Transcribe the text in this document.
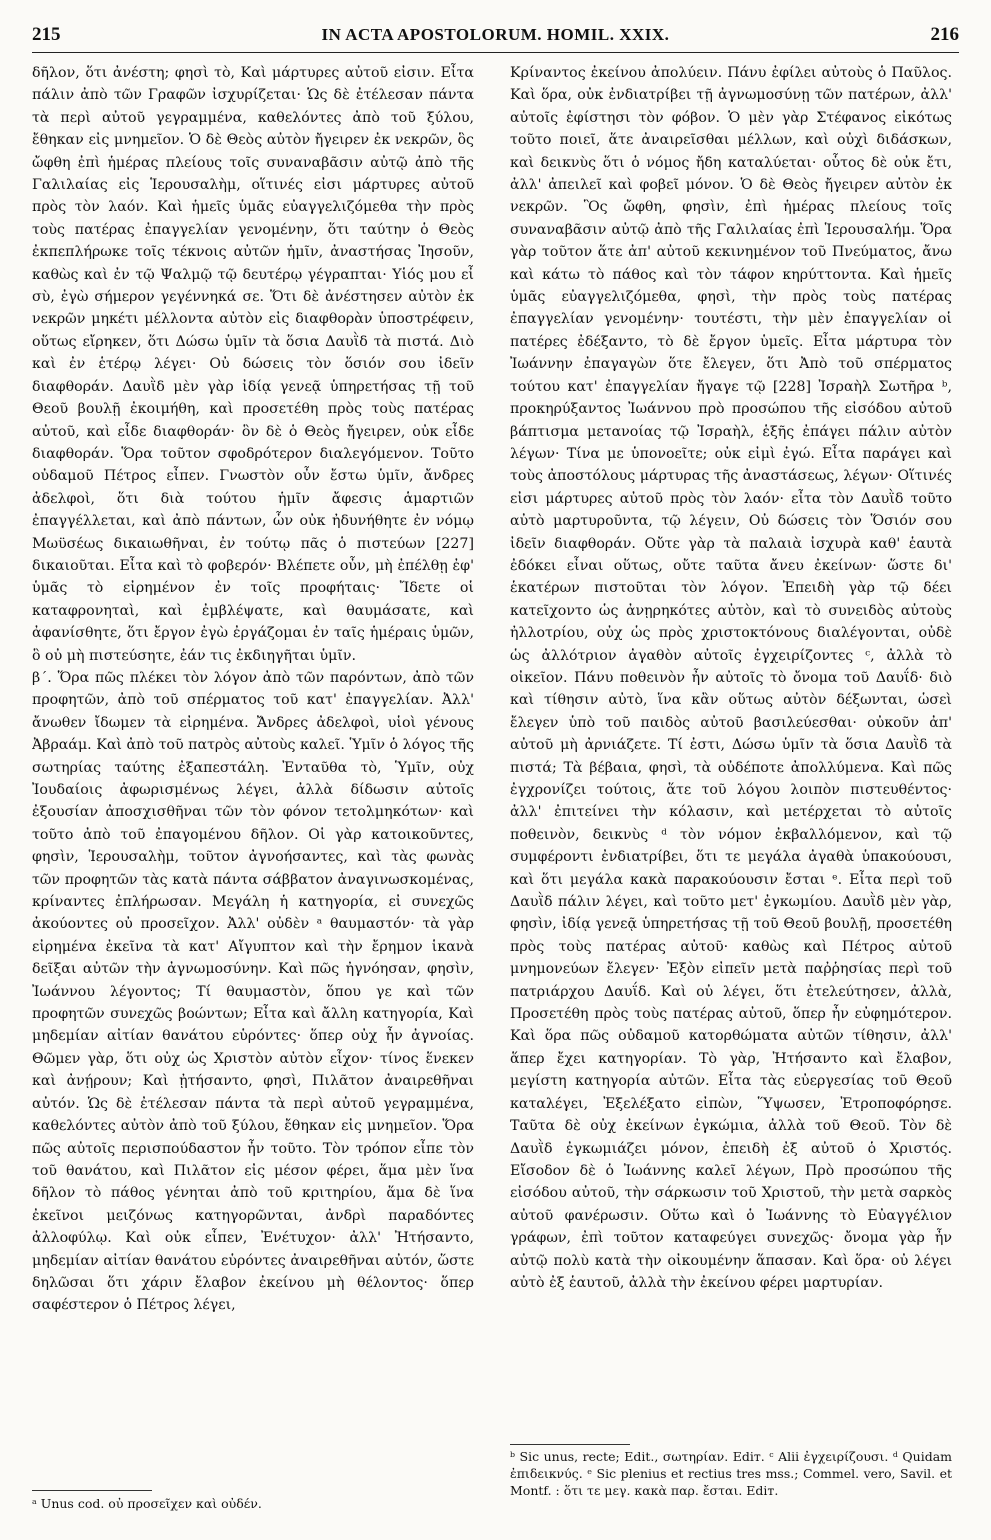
215	IN ACTA APOSTOLORUM. HOMIL. XXIX.	216

δῆλον, ὅτι ἀνέστη; φησὶ τὸ, Καὶ μάρτυρες αὐτοῦ εἰσιν. Εἶτα πάλιν ἀπὸ τῶν Γραφῶν ἰσχυρίζεται· Ὡς δὲ ἐτέλεσαν πάντα τὰ περὶ αὐτοῦ γεγραμμένα, καθελόντες ἀπὸ τοῦ ξύλου, ἔθηκαν εἰς μνημεῖον. Ὁ δὲ Θεὸς αὐτὸν ἤγειρεν ἐκ νεκρῶν, ὃς ὤφθη ἐπὶ ἡμέρας πλείους τοῖς συναναβᾶσιν αὐτῷ ἀπὸ τῆς Γαλιλαίας εἰς Ἱερουσαλὴμ, οἵτινές εἰσι μάρτυρες αὐτοῦ πρὸς τὸν λαόν. Καὶ ἡμεῖς ὑμᾶς εὐαγγελιζόμεθα τὴν πρὸς τοὺς πατέρας ἐπαγγελίαν γενομένην, ὅτι ταύτην ὁ Θεὸς ἐκπεπλήρωκε τοῖς τέκνοις αὐτῶν ἡμῖν, ἀναστήσας Ἰησοῦν, καθὼς καὶ ἐν τῷ Ψαλμῷ τῷ δευτέρῳ γέγραπται· Υἱός μου εἶ σὺ, ἐγὼ σήμερον γεγέννηκά σε. Ὅτι δὲ ἀνέστησεν αὐτὸν ἐκ νεκρῶν μηκέτι μέλλοντα αὐτὸν εἰς διαφθορὰν ὑποστρέφειν, οὕτως εἴρηκεν, ὅτι Δώσω ὑμῖν τὰ ὅσια Δαυῒδ τὰ πιστά. Διὸ καὶ ἐν ἑτέρῳ λέγει· Οὐ δώσεις τὸν ὅσιόν σου ἰδεῖν διαφθοράν. Δαυῒδ μὲν γὰρ ἰδίᾳ γενεᾷ ὑπηρετήσας τῇ τοῦ Θεοῦ βουλῇ ἐκοιμήθη, καὶ προσετέθη πρὸς τοὺς πατέρας αὐτοῦ, καὶ εἶδε διαφθοράν· ὃν δὲ ὁ Θεὸς ἤγειρεν, οὐκ εἶδε διαφθοράν. Ὅρα τοῦτον σφοδρότερον διαλεγόμενον. Τοῦτο οὐδαμοῦ Πέτρος εἶπεν. Γνωστὸν οὖν ἔστω ὑμῖν, ἄνδρες ἀδελφοὶ, ὅτι διὰ τούτου ἡμῖν ἄφεσις ἁμαρτιῶν ἐπαγγέλλεται, καὶ ἀπὸ πάντων, ὧν οὐκ ἠδυνήθητε ἐν νόμῳ Μωϋσέως δικαιωθῆναι, ἐν τούτῳ πᾶς ὁ πιστεύων [227] δικαιοῦται. Εἶτα καὶ τὸ φοβερόν· Βλέπετε οὖν, μὴ ἐπέλθῃ ἐφ' ὑμᾶς τὸ εἰρημένον ἐν τοῖς προφήταις· Ἴδετε οἱ καταφρονηταὶ, καὶ ἐμβλέψατε, καὶ θαυμάσατε, καὶ ἀφανίσθητε, ὅτι ἔργον ἐγὼ ἐργάζομαι ἐν ταῖς ἡμέραις ὑμῶν, ὃ οὐ μὴ πιστεύσητε, ἐάν τις ἐκδιηγῆται ὑμῖν.

β΄. Ὅρα πῶς πλέκει τὸν λόγον ἀπὸ τῶν παρόντων, ἀπὸ τῶν προφητῶν, ἀπὸ τοῦ σπέρματος τοῦ κατ' ἐπαγγελίαν. Ἀλλ' ἄνωθεν ἴδωμεν τὰ εἰρημένα. Ἄνδρες ἀδελφοὶ, υἱοὶ γένους Ἀβραάμ. Καὶ ἀπὸ τοῦ πατρὸς αὐτοὺς καλεῖ. Ὑμῖν ὁ λόγος τῆς σωτηρίας ταύτης ἐξαπεστάλη. Ἐνταῦθα τὸ, Ὑμῖν, οὐχ Ἰουδαίοις ἀφωρισμένως λέγει, ἀλλὰ δίδωσιν αὐτοῖς ἐξουσίαν ἀποσχισθῆναι τῶν τὸν φόνον τετολμηκότων· καὶ τοῦτο ἀπὸ τοῦ ἐπαγομένου δῆλον. Οἱ γὰρ κατοικοῦντες, φησὶν, Ἱερουσαλὴμ, τοῦτον ἀγνοήσαντες, καὶ τὰς φωνὰς τῶν προφητῶν τὰς κατὰ πάντα σάββατον ἀναγινωσκομένας, κρίναντες ἐπλήρωσαν. Μεγάλη ἡ κατηγορία, εἰ συνεχῶς ἀκούοντες οὐ προσεῖχον. Ἀλλ' οὐδὲν ᵃ θαυμαστόν· τὰ γὰρ εἰρημένα ἐκεῖνα τὰ κατ' Αἴγυπτον καὶ τὴν ἔρημον ἱκανὰ δεῖξαι αὐτῶν τὴν ἀγνωμοσύνην. Καὶ πῶς ἠγνόησαν, φησὶν, Ἰωάννου λέγοντος; Τί θαυμαστὸν, ὅπου γε καὶ τῶν προφητῶν συνεχῶς βοώντων; Εἶτα καὶ ἄλλη κατηγορία, Καὶ μηδεμίαν αἰτίαν θανάτου εὑρόντες· ὅπερ οὐχ ἦν ἀγνοίας. Θῶμεν γὰρ, ὅτι οὐχ ὡς Χριστὸν αὐτὸν εἶχον· τίνος ἕνεκεν καὶ ἀνῄρουν; Καὶ ᾐτήσαντο, φησὶ, Πιλᾶτον ἀναιρεθῆναι αὐτόν. Ὡς δὲ ἐτέλεσαν πάντα τὰ περὶ αὐτοῦ γεγραμμένα, καθελόντες αὐτὸν ἀπὸ τοῦ ξύλου, ἔθηκαν εἰς μνημεῖον. Ὅρα πῶς αὐτοῖς περισπούδαστον ἦν τοῦτο. Τὸν τρόπον εἶπε τὸν τοῦ θανάτου, καὶ Πιλᾶτον εἰς μέσον φέρει, ἅμα μὲν ἵνα δῆλον τὸ πάθος γένηται ἀπὸ τοῦ κριτηρίου, ἅμα δὲ ἵνα ἐκεῖνοι μειζόνως κατηγορῶνται, ἀνδρὶ παραδόντες ἀλλοφύλῳ. Καὶ οὐκ εἶπεν, Ἐνέτυχον· ἀλλ' Ἠτήσαντο, μηδεμίαν αἰτίαν θανάτου εὑρόντες ἀναιρεθῆναι αὐτόν, ὥστε δηλῶσαι ὅτι χάριν ἔλαβον ἐκείνου μὴ θέλοντος· ὅπερ σαφέστερον ὁ Πέτρος λέγει,

Κρίναντος ἐκείνου ἀπολύειν. Πάνυ ἐφίλει αὐτοὺς ὁ Παῦλος. Καὶ ὅρα, οὐκ ἐνδιατρίβει τῇ ἀγνωμοσύνῃ τῶν πατέρων, ἀλλ' αὐτοῖς ἐφίστησι τὸν φόβον. Ὁ μὲν γὰρ Στέφανος εἰκότως τοῦτο ποιεῖ, ἅτε ἀναιρεῖσθαι μέλλων, καὶ οὐχὶ διδάσκων, καὶ δεικνὺς ὅτι ὁ νόμος ἤδη καταλύεται· οὗτος δὲ οὐκ ἔτι, ἀλλ' ἀπειλεῖ καὶ φοβεῖ μόνον. Ὁ δὲ Θεὸς ἤγειρεν αὐτὸν ἐκ νεκρῶν. Ὃς ὤφθη, φησὶν, ἐπὶ ἡμέρας πλείους τοῖς συναναβᾶσιν αὐτῷ ἀπὸ τῆς Γαλιλαίας ἐπὶ Ἱερουσαλήμ. Ὅρα γὰρ τοῦτον ἅτε ἀπ' αὐτοῦ κεκινημένον τοῦ Πνεύματος, ἄνω καὶ κάτω τὸ πάθος καὶ τὸν τάφον κηρύττοντα. Καὶ ἡμεῖς ὑμᾶς εὐαγγελιζόμεθα, φησὶ, τὴν πρὸς τοὺς πατέρας ἐπαγγελίαν γενομένην· τουτέστι, τὴν μὲν ἐπαγγελίαν οἱ πατέρες ἐδέξαντο, τὸ δὲ ἔργον ὑμεῖς. Εἶτα μάρτυρα τὸν Ἰωάννην ἐπαγαγὼν ὅτε ἔλεγεν, ὅτι Ἀπὸ τοῦ σπέρματος τούτου κατ' ἐπαγγελίαν ἤγαγε τῷ [228] Ἰσραὴλ Σωτῆρα ᵇ, προκηρύξαντος Ἰωάννου πρὸ προσώπου τῆς εἰσόδου αὐτοῦ βάπτισμα μετανοίας τῷ Ἰσραὴλ, ἑξῆς ἐπάγει πάλιν αὐτὸν λέγων· Τίνα με ὑπονοεῖτε; οὐκ εἰμὶ ἐγώ. Εἶτα παράγει καὶ τοὺς ἀποστόλους μάρτυρας τῆς ἀναστάσεως, λέγων· Οἵτινές εἰσι μάρτυρες αὐτοῦ πρὸς τὸν λαόν· εἶτα τὸν Δαυῒδ τοῦτο αὐτὸ μαρτυροῦντα, τῷ λέγειν, Οὐ δώσεις τὸν Ὅσιόν σου ἰδεῖν διαφθοράν. Οὔτε γὰρ τὰ παλαιὰ ἰσχυρὰ καθ' ἑαυτὰ ἐδόκει εἶναι οὕτως, οὔτε ταῦτα ἄνευ ἐκείνων· ὥστε δι' ἑκατέρων πιστοῦται τὸν λόγον. Ἐπειδὴ γὰρ τῷ δέει κατεῖχοντο ὡς ἀνῃρηκότες αὐτὸν, καὶ τὸ συνειδὸς αὐτοὺς ἠλλοτρίου, οὐχ ὡς πρὸς χριστοκτόνους διαλέγονται, οὐδὲ ὡς ἀλλότριον ἀγαθὸν αὐτοῖς ἐγχειρίζοντες ᶜ, ἀλλὰ τὸ οἰκεῖον. Πάνυ ποθεινὸν ἦν αὐτοῖς τὸ ὄνομα τοῦ Δαυΐδ· διὸ καὶ τίθησιν αὐτὸ, ἵνα κἂν οὕτως αὐτὸν δέξωνται, ὡσεὶ ἔλεγεν ὑπὸ τοῦ παιδὸς αὐτοῦ βασιλεύεσθαι· οὐκοῦν ἀπ' αὐτοῦ μὴ ἀρνιάζετε. Τί ἐστι, Δώσω ὑμῖν τὰ ὅσια Δαυῒδ τὰ πιστά; Τὰ βέβαια, φησὶ, τὰ οὐδέποτε ἀπολλύμενα. Καὶ πῶς ἐγχρονίζει τούτοις, ἅτε τοῦ λόγου λοιπὸν πιστευθέντος· ἀλλ' ἐπιτείνει τὴν κόλασιν, καὶ μετέρχεται τὸ αὐτοῖς ποθεινὸν, δεικνὺς ᵈ τὸν νόμον ἐκβαλλόμενον, καὶ τῷ συμφέροντι ἐνδιατρίβει, ὅτι τε μεγάλα ἀγαθὰ ὑπακούουσι, καὶ ὅτι μεγάλα κακὰ παρακούουσιν ἔσται ᵉ. Εἶτα περὶ τοῦ Δαυῒδ πάλιν λέγει, καὶ τοῦτο μετ' ἐγκωμίου. Δαυῒδ μὲν γὰρ, φησὶν, ἰδίᾳ γενεᾷ ὑπηρετήσας τῇ τοῦ Θεοῦ βουλῇ, προσετέθη πρὸς τοὺς πατέρας αὐτοῦ· καθὼς καὶ Πέτρος αὐτοῦ μνημονεύων ἔλεγεν· Ἐξὸν εἰπεῖν μετὰ παῤῥησίας περὶ τοῦ πατριάρχου Δαυΐδ. Καὶ οὐ λέγει, ὅτι ἐτελεύτησεν, ἀλλὰ, Προσετέθη πρὸς τοὺς πατέρας αὐτοῦ, ὅπερ ἦν εὐφημότερον. Καὶ ὅρα πῶς οὐδαμοῦ κατορθώματα αὐτῶν τίθησιν, ἀλλ' ἅπερ ἔχει κατηγορίαν. Τὸ γὰρ, Ἠτήσαντο καὶ ἔλαβον, μεγίστη κατηγορία αὐτῶν. Εἶτα τὰς εὐεργεσίας τοῦ Θεοῦ καταλέγει, Ἐξελέξατο εἰπὼν, Ὕψωσεν, Ἐτροποφόρησε. Ταῦτα δὲ οὐχ ἐκείνων ἐγκώμια, ἀλλὰ τοῦ Θεοῦ. Τὸν δὲ Δαυῒδ ἐγκωμιάζει μόνον, ἐπειδὴ ἐξ αὐτοῦ ὁ Χριστός. Εἴσοδον δὲ ὁ Ἰωάννης καλεῖ λέγων, Πρὸ προσώπου τῆς εἰσόδου αὐτοῦ, τὴν σάρκωσιν τοῦ Χριστοῦ, τὴν μετὰ σαρκὸς αὐτοῦ φανέρωσιν. Οὕτω καὶ ὁ Ἰωάννης τὸ Εὐαγγέλιον γράφων, ἐπὶ τοῦτον καταφεύγει συνεχῶς· ὄνομα γὰρ ἦν αὐτῷ πολὺ κατὰ τὴν οἰκουμένην ἅπασαν. Καὶ ὅρα· οὐ λέγει αὐτὸ ἐξ ἑαυτοῦ, ἀλλὰ τὴν ἐκείνου φέρει μαρτυρίαν.

ᵇ Sic unus, recte; Edit., σωτηρίαν. Ediт. ᶜ Alii ἐγχειρίζουσι. ᵈ Quidam ἐπιδεικνύς. ᵉ Sic plenius et rectius tres mss.; Commel. vero, Savil. et Montf. : ὅτι τε μεγ. κακὰ παρ. ἔσται. Ediт.
ᵃ Unus cod. οὐ προσεῖχεν καὶ οὐδέν.
